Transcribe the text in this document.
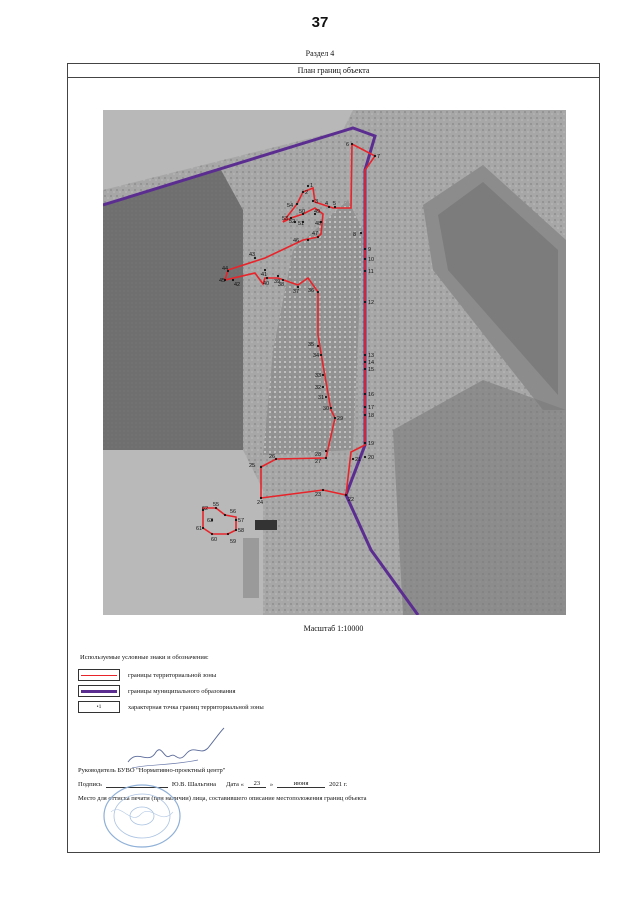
37
Раздел 4
План границ объекта
1
2
3 4 5
6
7
8
9
10
11
12
13
14
15
16
17
18
19
20
21
22
23
24
25
26
27
28
29
30
31
32
33
34
35
36
37
38
39
40
41
42
43
44
45
46
47
48
49
50
51
52
53
54
55
56
57
58
59
60
61
62
63
Масштаб 1:10000
Используемые условные знаки и обозначения:
границы территориальной зоны
границы муниципального образования
•1	характерная точка границ территориальной зоны
Руководитель БУВО "Нормативно-проектный центр"
Подпись	Ю.В. Шальгина Дата «	23	»	июня	2021 г.
Место для оттиска печати (при наличии) лица, составившего описание местоположения границ объекта
